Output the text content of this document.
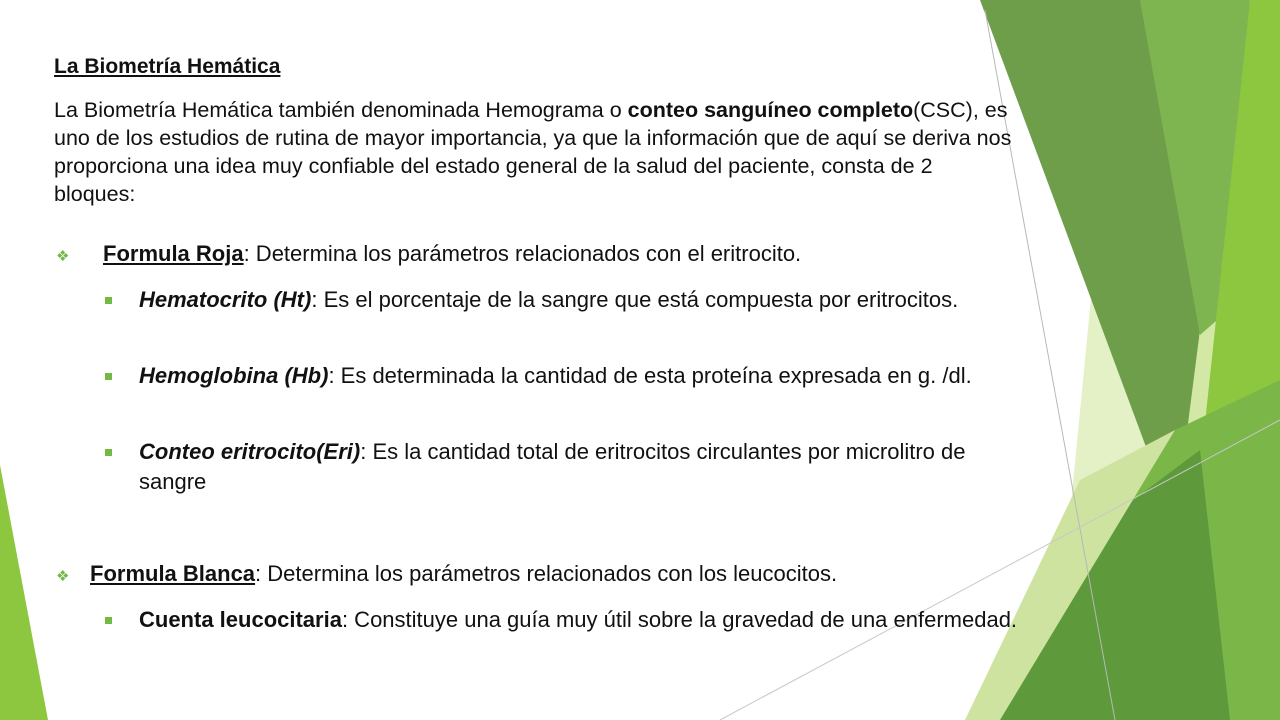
La Biometría Hemática

La Biometría Hemática también denominada Hemograma o conteo sanguíneo completo(CSC), es uno de los estudios de rutina de mayor importancia, ya que la información que de aquí se deriva nos proporciona una idea muy confiable del estado general de la salud del paciente, consta de 2 bloques:

❖ Formula Roja: Determina los parámetros relacionados con el eritrocito.

Hematocrito (Ht): Es el porcentaje de la sangre que está compuesta por eritrocitos.

Hemoglobina (Hb): Es determinada la cantidad de esta proteína expresada en g. /dl.

Conteo eritrocito(Eri): Es la cantidad total de eritrocitos circulantes por microlitro de sangre

❖ Formula Blanca: Determina los parámetros relacionados con los leucocitos.

Cuenta leucocitaria: Constituye una guía muy útil sobre la gravedad de una enfermedad.
